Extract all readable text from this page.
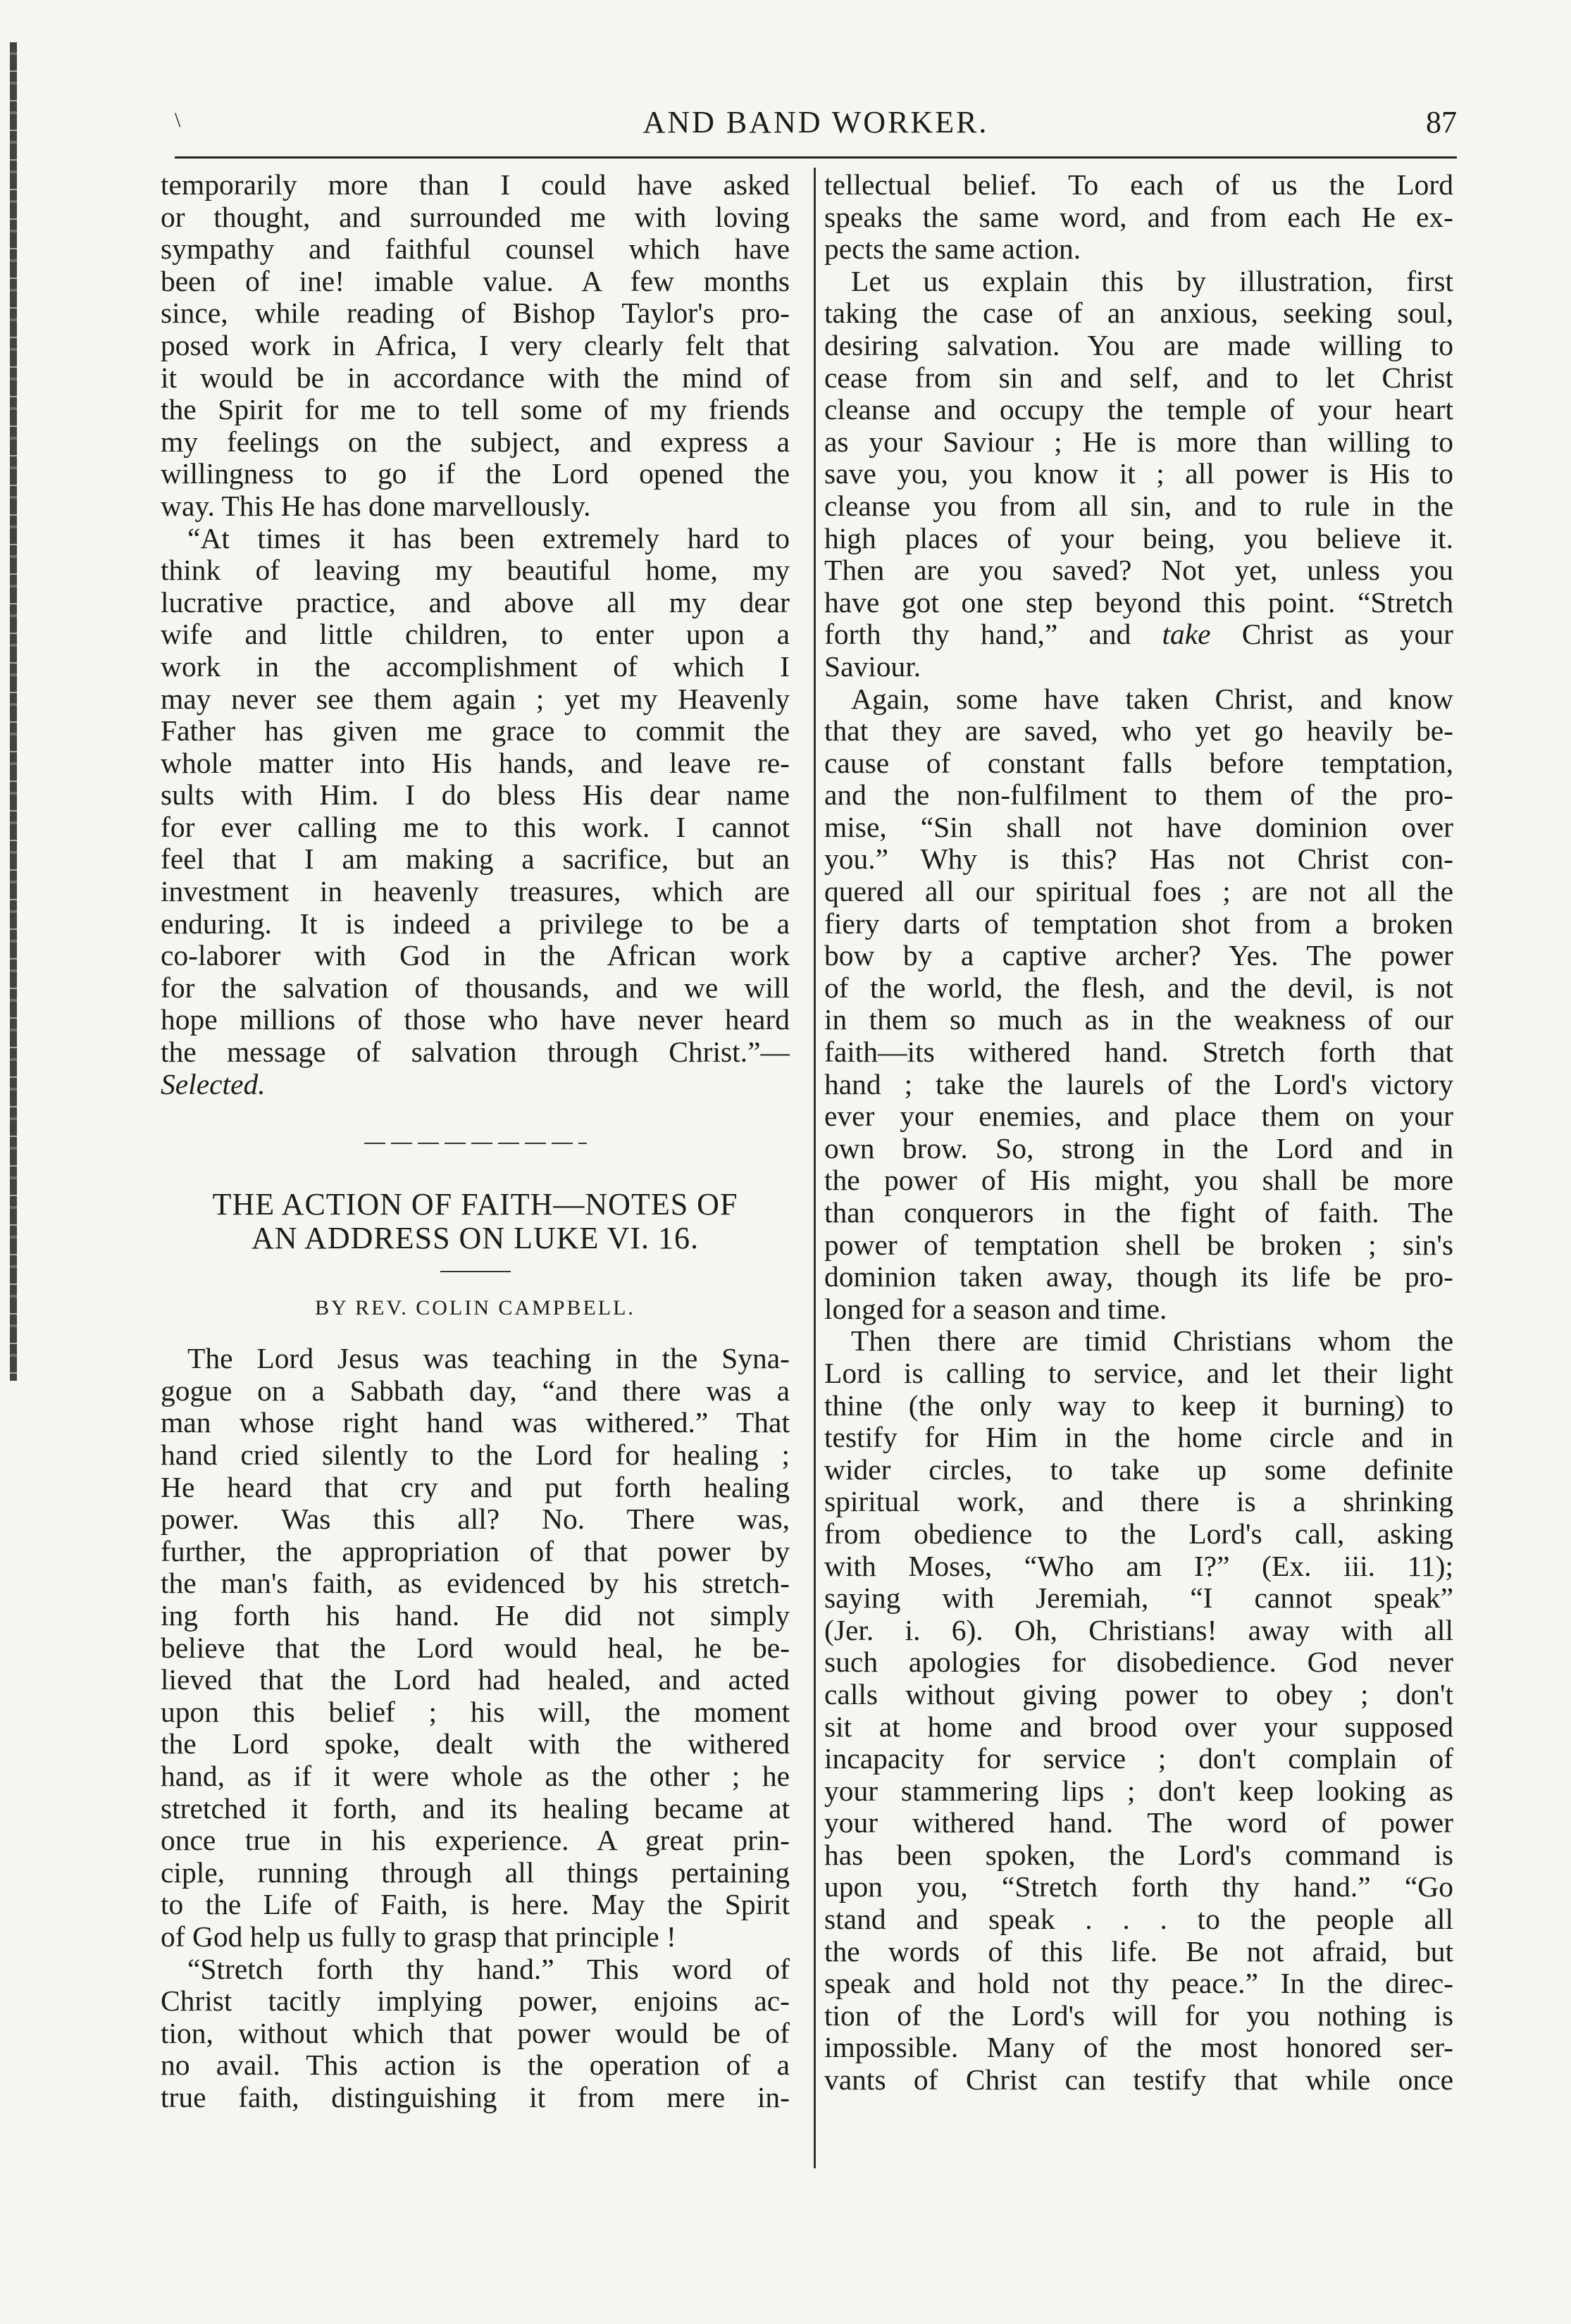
\	AND BAND WORKER.	87
temporarily more than I could have asked
or thought, and surrounded me with loving
sympathy and faithful counsel which have
been of ine! imable value. A few months
since, while reading of Bishop Taylor's pro-
posed work in Africa, I very clearly felt that
it would be in accordance with the mind of
the Spirit for me to tell some of my friends
my feelings on the subject, and express a
willingness to go if the Lord opened the
way. This He has done marvellously.
“At times it has been extremely hard to
think of leaving my beautiful home, my
lucrative practice, and above all my dear
wife and little children, to enter upon a
work in the accomplishment of which I
may never see them again ; yet my Heavenly
Father has given me grace to commit the
whole matter into His hands, and leave re-
sults with Him. I do bless His dear name
for ever calling me to this work. I cannot
feel that I am making a sacrifice, but an
investment in heavenly treasures, which are
enduring. It is indeed a privilege to be a
co-laborer with God in the African work
for the salvation of thousands, and we will
hope millions of those who have never heard
the message of salvation through Christ.”—
Selected.
THE ACTION OF FAITH—NOTES OF
AN ADDRESS ON LUKE VI. 16.
BY REV. COLIN CAMPBELL.
The Lord Jesus was teaching in the Syna-
gogue on a Sabbath day, “and there was a
man whose right hand was withered.” That
hand cried silently to the Lord for healing ;
He heard that cry and put forth healing
power. Was this all? No. There was,
further, the appropriation of that power by
the man's faith, as evidenced by his stretch-
ing forth his hand. He did not simply
believe that the Lord would heal, he be-
lieved that the Lord had healed, and acted
upon this belief ; his will, the moment
the Lord spoke, dealt with the withered
hand, as if it were whole as the other ; he
stretched it forth, and its healing became at
once true in his experience. A great prin-
ciple, running through all things pertaining
to the Life of Faith, is here. May the Spirit
of God help us fully to grasp that principle !
“Stretch forth thy hand.” This word of
Christ tacitly implying power, enjoins ac-
tion, without which that power would be of
no avail. This action is the operation of a
true faith, distinguishing it from mere in-
tellectual belief. To each of us the Lord
speaks the same word, and from each He ex-
pects the same action.
Let us explain this by illustration, first
taking the case of an anxious, seeking soul,
desiring salvation. You are made willing to
cease from sin and self, and to let Christ
cleanse and occupy the temple of your heart
as your Saviour ; He is more than willing to
save you, you know it ; all power is His to
cleanse you from all sin, and to rule in the
high places of your being, you believe it.
Then are you saved? Not yet, unless you
have got one step beyond this point. “Stretch
forth thy hand,” and take Christ as your
Saviour.
Again, some have taken Christ, and know
that they are saved, who yet go heavily be-
cause of constant falls before temptation,
and the non-fulfilment to them of the pro-
mise, “Sin shall not have dominion over
you.” Why is this? Has not Christ con-
quered all our spiritual foes ; are not all the
fiery darts of temptation shot from a broken
bow by a captive archer? Yes. The power
of the world, the flesh, and the devil, is not
in them so much as in the weakness of our
faith—its withered hand. Stretch forth that
hand ; take the laurels of the Lord's victory
ever your enemies, and place them on your
own brow. So, strong in the Lord and in
the power of His might, you shall be more
than conquerors in the fight of faith. The
power of temptation shell be broken ; sin's
dominion taken away, though its life be pro-
longed for a season and time.
Then there are timid Christians whom the
Lord is calling to service, and let their light
thine (the only way to keep it burning) to
testify for Him in the home circle and in
wider circles, to take up some definite
spiritual work, and there is a shrinking
from obedience to the Lord's call, asking
with Moses, “Who am I?” (Ex. iii. 11);
saying with Jeremiah, “I cannot speak”
(Jer. i. 6). Oh, Christians! away with all
such apologies for disobedience. God never
calls without giving power to obey ; don't
sit at home and brood over your supposed
incapacity for service ; don't complain of
your stammering lips ; don't keep looking as
your withered hand. The word of power
has been spoken, the Lord's command is
upon you, “Stretch forth thy hand.” “Go
stand and speak . . . to the people all
the words of this life. Be not afraid, but
speak and hold not thy peace.” In the direc-
tion of the Lord's will for you nothing is
impossible. Many of the most honored ser-
vants of Christ can testify that while once
